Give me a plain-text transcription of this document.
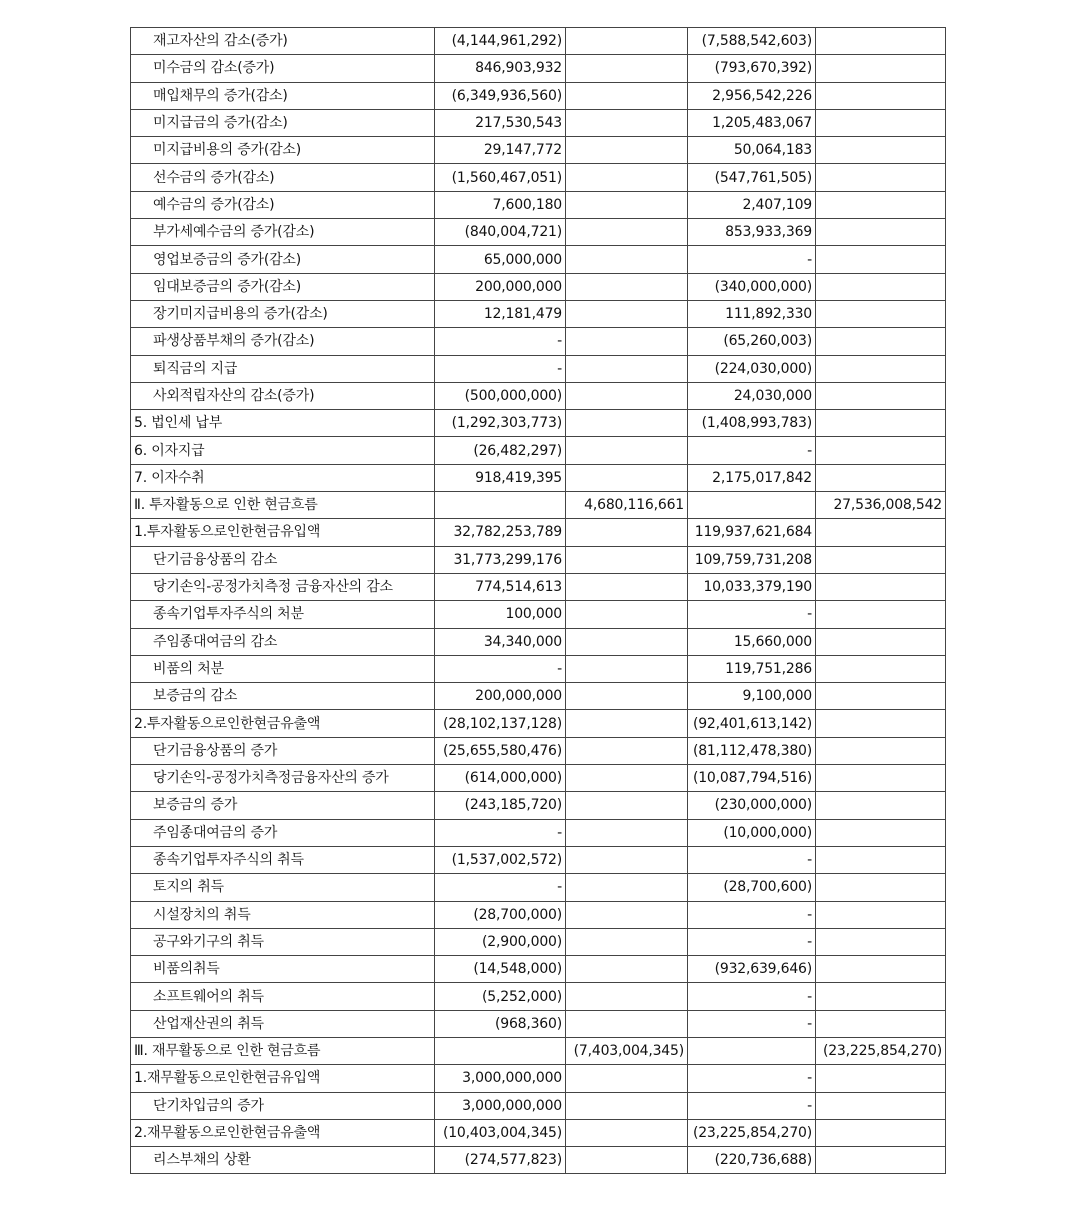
재고자산의 감소(증가)	(4,144,961,292)		(7,588,542,603)	
미수금의 감소(증가)	846,903,932		(793,670,392)	
매입채무의 증가(감소)	(6,349,936,560)		2,956,542,226	
미지급금의 증가(감소)	217,530,543		1,205,483,067	
미지급비용의 증가(감소)	29,147,772		50,064,183	
선수금의 증가(감소)	(1,560,467,051)		(547,761,505)	
예수금의 증가(감소)	7,600,180		2,407,109	
부가세예수금의 증가(감소)	(840,004,721)		853,933,369	
영업보증금의 증가(감소)	65,000,000		-	
임대보증금의 증가(감소)	200,000,000		(340,000,000)	
장기미지급비용의 증가(감소)	12,181,479		111,892,330	
파생상품부채의 증가(감소)	-		(65,260,003)	
퇴직금의 지급	-		(224,030,000)	
사외적립자산의 감소(증가)	(500,000,000)		24,030,000	
5. 법인세 납부	(1,292,303,773)		(1,408,993,783)	
6. 이자지급	(26,482,297)		-	
7. 이자수취	918,419,395		2,175,017,842	
Ⅱ. 투자활동으로 인한 현금흐름		4,680,116,661		27,536,008,542
1.투자활동으로인한현금유입액	32,782,253,789		119,937,621,684	
단기금융상품의 감소	31,773,299,176		109,759,731,208	
당기손익-공정가치측정 금융자산의 감소	774,514,613		10,033,379,190	
종속기업투자주식의 처분	100,000		-	
주임종대여금의 감소	34,340,000		15,660,000	
비품의 처분	-		119,751,286	
보증금의 감소	200,000,000		9,100,000	
2.투자활동으로인한현금유출액	(28,102,137,128)		(92,401,613,142)	
단기금융상품의 증가	(25,655,580,476)		(81,112,478,380)	
당기손익-공정가치측정금융자산의 증가	(614,000,000)		(10,087,794,516)	
보증금의 증가	(243,185,720)		(230,000,000)	
주임종대여금의 증가	-		(10,000,000)	
종속기업투자주식의 취득	(1,537,002,572)		-	
토지의 취득	-		(28,700,600)	
시설장치의 취득	(28,700,000)		-	
공구와기구의 취득	(2,900,000)		-	
비품의취득	(14,548,000)		(932,639,646)	
소프트웨어의 취득	(5,252,000)		-	
산업재산권의 취득	(968,360)		-	
Ⅲ. 재무활동으로 인한 현금흐름		(7,403,004,345)		(23,225,854,270)
1.재무활동으로인한현금유입액	3,000,000,000		-	
단기차입금의 증가	3,000,000,000		-	
2.재무활동으로인한현금유출액	(10,403,004,345)		(23,225,854,270)	
리스부채의 상환	(274,577,823)		(220,736,688)	
